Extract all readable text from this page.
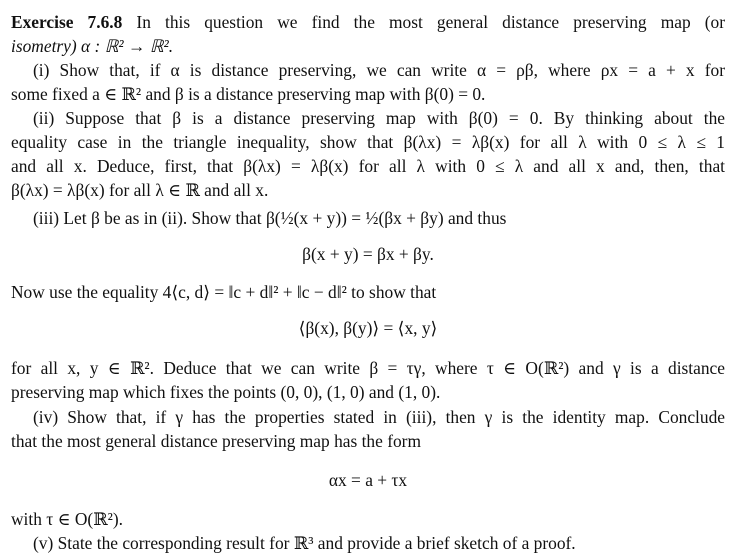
Exercise 7.6.8 In this question we find the most general distance preserving map (or
isometry) α : ℝ² → ℝ².
(i) Show that, if α is distance preserving, we can write α = ρβ, where ρx = a + x for
some fixed a ∈ ℝ² and β is a distance preserving map with β(0) = 0.
(ii) Suppose that β is a distance preserving map with β(0) = 0. By thinking about the
equality case in the triangle inequality, show that β(λx) = λβ(x) for all λ with 0 ≤ λ ≤ 1
and all x. Deduce, first, that β(λx) = λβ(x) for all λ with 0 ≤ λ and all x and, then, that
β(λx) = λβ(x) for all λ ∈ ℝ and all x.
(iii) Let β be as in (ii). Show that β(½(x + y)) = ½(βx + βy) and thus
β(x + y) = βx + βy.
Now use the equality 4⟨c, d⟩ = ‖c + d‖² + ‖c − d‖² to show that
⟨β(x), β(y)⟩ = ⟨x, y⟩
for all x, y ∈ ℝ². Deduce that we can write β = τγ, where τ ∈ O(ℝ²) and γ is a distance
preserving map which fixes the points (0, 0), (1, 0) and (1, 0).
(iv) Show that, if γ has the properties stated in (iii), then γ is the identity map. Conclude
that the most general distance preserving map has the form
αx = a + τx
with τ ∈ O(ℝ²).
(v) State the corresponding result for ℝ³ and provide a brief sketch of a proof.
